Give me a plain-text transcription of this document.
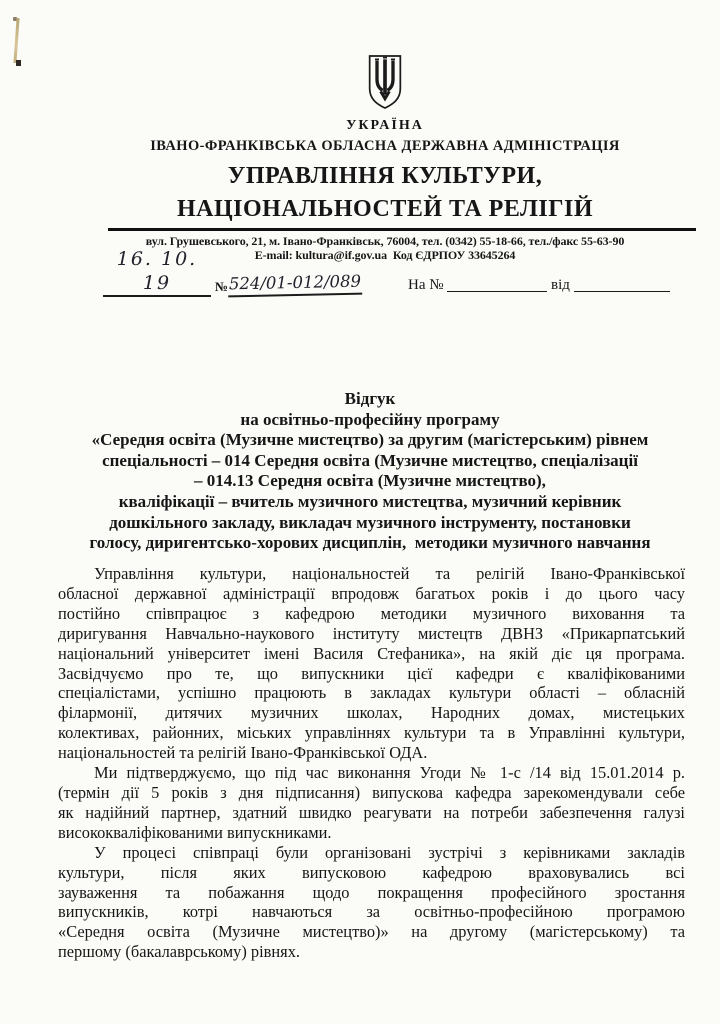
УКРАЇНА
ІВАНО-ФРАНКІВСЬКА ОБЛАСНА ДЕРЖАВНА АДМІНІСТРАЦІЯ
УПРАВЛІННЯ КУЛЬТУРИ,
НАЦІОНАЛЬНОСТЕЙ ТА РЕЛІГІЙ
вул. Грушевського, 21, м. Івано-Франківськ, 76004, тел. (0342) 55-18-66, тел./факс 55-63-90
E-mail: kultura@if.gov.ua  Код ЄДРПОУ 33645264
16. 10. 19	№ 524/01-012/089	На №	від
Відгук
на освітньо-професійну програму
«Середня освіта (Музичне мистецтво) за другим (магістерським) рівнем
спеціальності – 014 Середня освіта (Музичне мистецтво, спеціалізації
– 014.13 Середня освіта (Музичне мистецтво),
кваліфікації – вчитель музичного мистецтва, музичний керівник
дошкільного закладу, викладач музичного інструменту, постановки
голосу, диригентсько-хорових дисциплін,  методики музичного навчання
Управління культури, національностей та релігій Івано-Франківської
обласної державної адміністрації впродовж багатьох років і до цього часу
постійно співпрацює з кафедрою методики музичного виховання та
диригування Навчально-наукового інституту мистецтв ДВНЗ «Прикарпатський
національний університет імені Василя Стефаника», на якій діє ця програма.
Засвідчуємо про те, що випускники цієї кафедри є кваліфікованими
спеціалістами, успішно працюють в закладах культури області – обласній
філармонії, дитячих музичних школах, Народних домах, мистецьких
колективах, районних, міських управліннях культури та в Управлінні культури,
національностей та релігій Івано-Франківської ОДА.
Ми підтверджуємо, що під час виконання Угоди № 1-с /14 від 15.01.2014 р.
(термін дії 5 років з дня підписання) випускова кафедра зарекомендували себе
як надійний партнер, здатний швидко реагувати на потреби забезпечення галузі
висококваліфікованими випускниками.
У процесі співпраці були організовані зустрічі з керівниками закладів
культури, після яких випусковою кафедрою враховувались всі
зауваження та побажання щодо покращення професійного зростання
випускників, котрі навчаються за освітньо-професійною програмою
«Середня освіта (Музичне мистецтво)» на другому (магістерському) та
першому (бакалаврському) рівнях.
